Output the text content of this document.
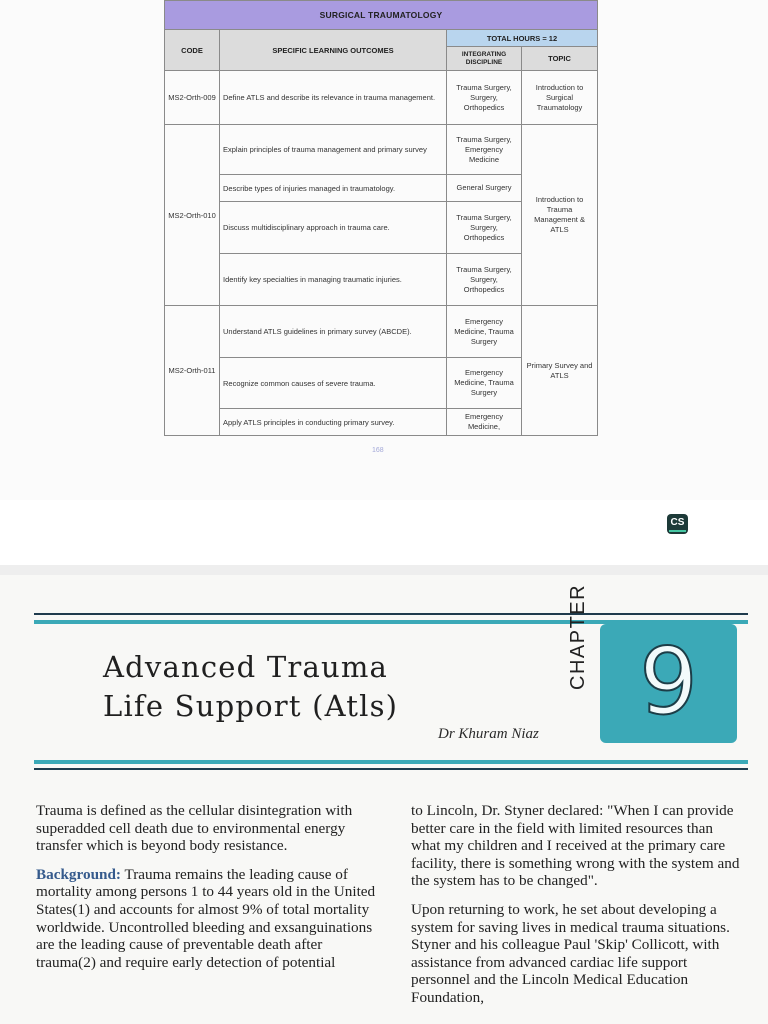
SURGICAL TRAUMATOLOGY			
CODE	SPECIFIC LEARNING OUTCOMES	TOTAL HOURS = 12	
		INTEGRATING DISCIPLINE	TOPIC
MS2-Orth-009	Define ATLS and describe its relevance in trauma management.	Trauma Surgery, Surgery, Orthopedics	Introduction to Surgical Traumatology
MS2-Orth-010	Explain principles of trauma management and primary survey	Trauma Surgery, Emergency Medicine	Introduction to Trauma Management & ATLS
	Describe types of injuries managed in traumatology.	General Surgery	
	Discuss multidisciplinary approach in trauma care.	Trauma Surgery, Surgery, Orthopedics	
	Identify key specialties in managing traumatic injuries.	Trauma Surgery, Surgery, Orthopedics	
MS2-Orth-011	Understand ATLS guidelines in primary survey (ABCDE).	Emergency Medicine, Trauma Surgery	Primary Survey and ATLS
	Recognize common causes of severe trauma.	Emergency Medicine, Trauma Surgery	
	Apply ATLS principles in conducting primary survey.	Emergency Medicine,	
168
CS
Advanced Trauma
Life Support (Atls)
Dr Khuram Niaz
CHAPTER 9

Trauma is defined as the cellular disintegration with superadded cell death due to environmental energy transfer which is beyond body resistance.

Background: Trauma remains the leading cause of mortality among persons 1 to 44 years old in the United States(1) and accounts for almost 9% of total mortality worldwide. Uncontrolled bleeding and exsanguinations are the leading cause of preventable death after trauma(2) and require early detection of potential

to Lincoln, Dr. Styner declared: "When I can provide better care in the field with limited resources than what my children and I received at the primary care facility, there is something wrong with the system and the system has to be changed".

Upon returning to work, he set about developing a system for saving lives in medical trauma situations. Styner and his colleague Paul 'Skip' Collicott, with assistance from advanced cardiac life support personnel and the Lincoln Medical Education Foundation,
